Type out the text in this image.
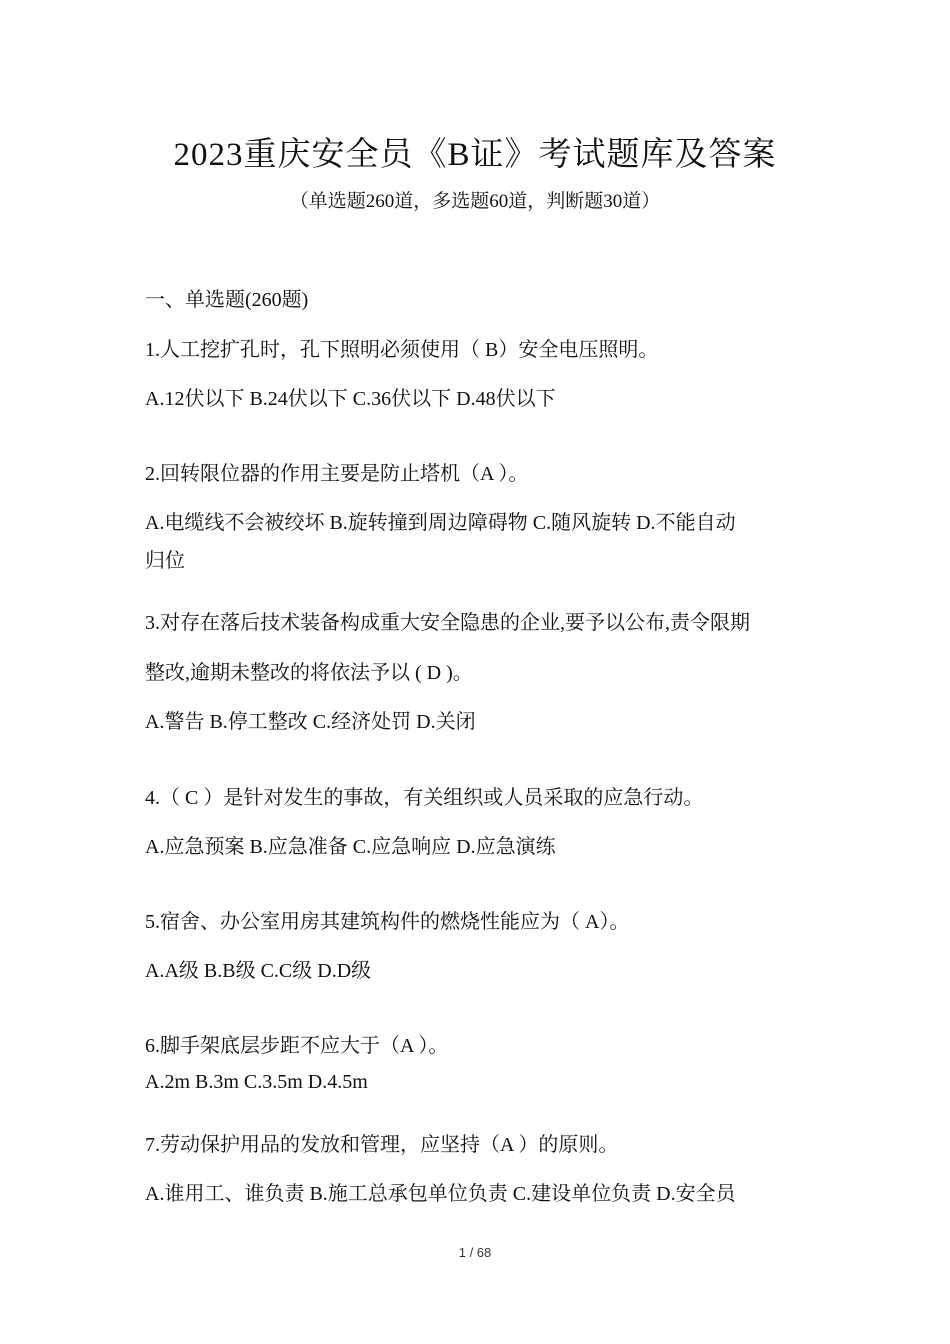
2023重庆安全员《B证》考试题库及答案
（单选题260道，多选题60道，判断题30道）
一、单选题(260题)
1.人工挖扩孔时，孔下照明必须使用（ B）安全电压照明。
A.12伏以下 B.24伏以下 C.36伏以下 D.48伏以下
2.回转限位器的作用主要是防止塔机（A ）。
A.电缆线不会被绞坏 B.旋转撞到周边障碍物 C.随风旋转 D.不能自动
归位
3.对存在落后技术装备构成重大安全隐患的企业,要予以公布,责令限期
整改,逾期未整改的将依法予以 ( D )。
A.警告 B.停工整改 C.经济处罚 D.关闭
4.（ C ）是针对发生的事故，有关组织或人员采取的应急行动。
A.应急预案 B.应急准备 C.应急响应 D.应急演练
5.宿舍、办公室用房其建筑构件的燃烧性能应为（ A）。
A.A级 B.B级 C.C级 D.D级
6.脚手架底层步距不应大于（A ）。
A.2m B.3m C.3.5m D.4.5m
7.劳动保护用品的发放和管理，应坚持（A ）的原则。
A.谁用工、谁负责 B.施工总承包单位负责 C.建设单位负责 D.安全员
1 / 68
